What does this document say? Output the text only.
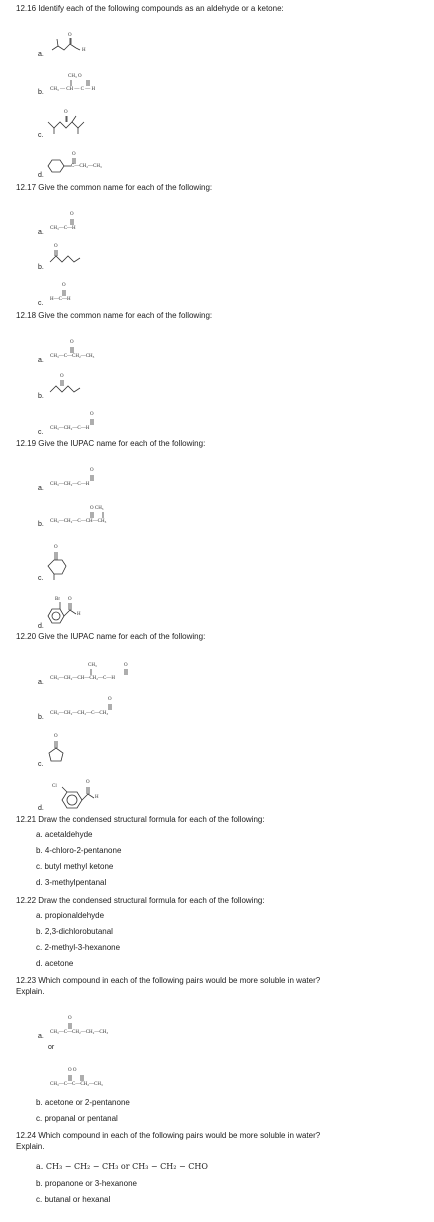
12.16 Identify each of the following compounds as an aldehyde or a ketone:
a.
O
H
b.
CH₃ O
CH₃ — CH — C — H
c.
O
d.
O
C—CH₂—CH₃
12.17 Give the common name for each of the following:
a.
O
CH₃—C—H
b.
O
c.
O
H—C—H
12.18 Give the common name for each of the following:
a.
O
CH₃—C—CH₂—CH₃
b.
O
c.
O
CH₃—CH₂—C—H
12.19 Give the IUPAC name for each of the following:
a.
O
CH₃—CH₂—C—H
b.
O CH₃
CH₃—CH₂—C—CH—CH₃
c.
O
d.
Br O
H
12.20 Give the IUPAC name for each of the following:
a.
CH₃	O
CH₃—CH₂—CH—CH₂—C—H
b.
O
CH₃—CH₂—CH₂—C—CH₃
c.
O
d.
Cl
O
H
12.21 Draw the condensed structural formula for each of the following:
a. acetaldehyde
b. 4-chloro-2-pentanone
c. butyl methyl ketone
d. 3-methylpentanal
12.22 Draw the condensed structural formula for each of the following:
a. propionaldehyde
b. 2,3-dichlorobutanal
c. 2-methyl-3-hexanone
d. acetone
12.23 Which compound in each of the following pairs would be more soluble in water? Explain.
a.
O
CH₃—C—CH₂—CH₂—CH₃
or
O O
CH₃—C—C—CH₂—CH₃
b. acetone or 2-pentanone
c. propanal or pentanal
12.24 Which compound in each of the following pairs would be more soluble in water? Explain.
a. CH₃ − CH₂ − CH₃ or CH₃ − CH₂ − CHO
b. propanone or 3-hexanone
c. butanal or hexanal
